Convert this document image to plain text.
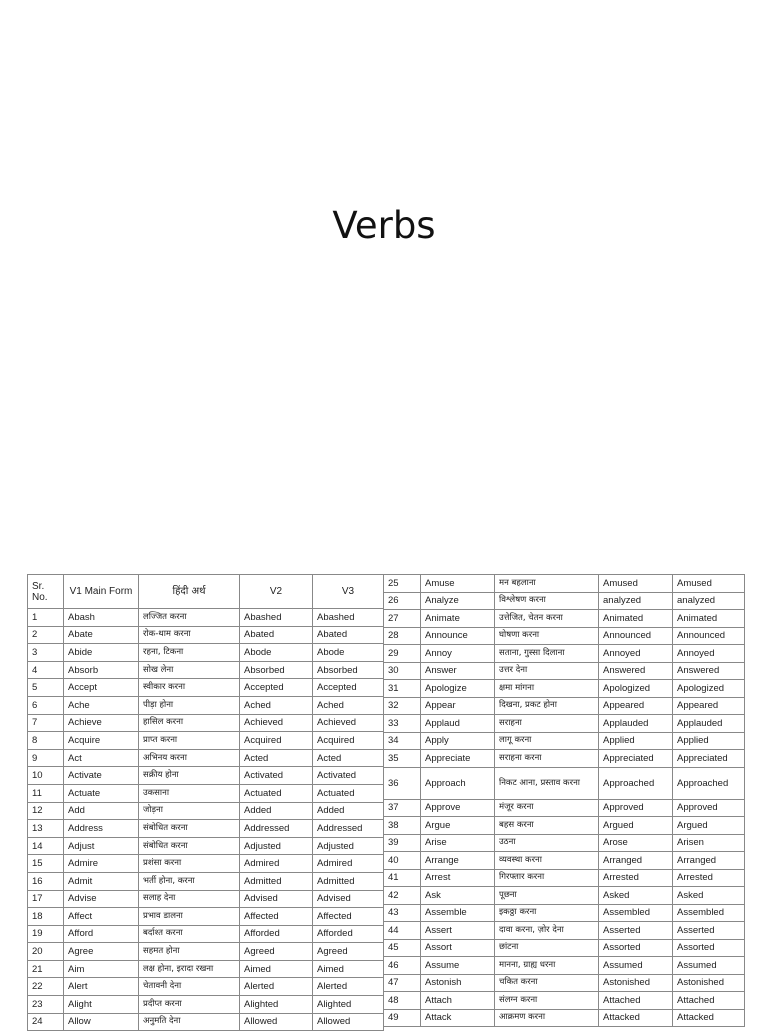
Verbs
Sr. No.	V1 Main Form	हिंदी अर्थ	V2	V3
1	Abash	लज्जित करना	Abashed	Abashed
2	Abate	रोक-थाम करना	Abated	Abated
3	Abide	रहना, टिकना	Abode	Abode
4	Absorb	सोख लेना	Absorbed	Absorbed
5	Accept	स्वीकार करना	Accepted	Accepted
6	Ache	पीड़ा होना	Ached	Ached
7	Achieve	हासिल करना	Achieved	Achieved
8	Acquire	प्राप्त करना	Acquired	Acquired
9	Act	अभिनय करना	Acted	Acted
10	Activate	सक्रीय होना	Activated	Activated
11	Actuate	उकसाना	Actuated	Actuated
12	Add	जोड़ना	Added	Added
13	Address	संबोधित करना	Addressed	Addressed
14	Adjust	संबोधित करना	Adjusted	Adjusted
15	Admire	प्रशंसा करना	Admired	Admired
16	Admit	भर्ती होना, करना	Admitted	Admitted
17	Advise	सलाह देना	Advised	Advised
18	Affect	प्रभाव डालना	Affected	Affected
19	Afford	बर्दाश्त करना	Afforded	Afforded
20	Agree	सहमत होना	Agreed	Agreed
21	Aim	लक्ष होना, इरादा रखना	Aimed	Aimed
22	Alert	चेतावनी देना	Alerted	Alerted
23	Alight	प्रदीप्त करना	Alighted	Alighted
24	Allow	अनुमति देना	Allowed	Allowed
25	Amuse	मन बहलाना	Amused	Amused
26	Analyze	विश्लेषण करना	analyzed	analyzed
27	Animate	उत्तेजित, चेतन करना	Animated	Animated
28	Announce	घोषणा करना	Announced	Announced
29	Annoy	सताना, गुस्सा दिलाना	Annoyed	Annoyed
30	Answer	उत्तर देना	Answered	Answered
31	Apologize	क्षमा मांगना	Apologized	Apologized
32	Appear	दिखना, प्रकट होना	Appeared	Appeared
33	Applaud	सराहना	Applauded	Applauded
34	Apply	लागू करना	Applied	Applied
35	Appreciate	सराहना करना	Appreciated	Appreciated
36	Approach	निकट आना, प्रस्ताव करना	Approached	Approached
37	Approve	मंजूर करना	Approved	Approved
38	Argue	बहस करना	Argued	Argued
39	Arise	उठना	Arose	Arisen
40	Arrange	व्यवस्था करना	Arranged	Arranged
41	Arrest	गिरफ्तार करना	Arrested	Arrested
42	Ask	पूछना	Asked	Asked
43	Assemble	इकठ्ठा करना	Assembled	Assembled
44	Assert	दावा करना, ज़ोर देना	Asserted	Asserted
45	Assort	छांटना	Assorted	Assorted
46	Assume	मानना, ग्राह्य धरना	Assumed	Assumed
47	Astonish	चकित करना	Astonished	Astonished
48	Attach	संलग्न करना	Attached	Attached
49	Attack	आक्रमण करना	Attacked	Attacked
